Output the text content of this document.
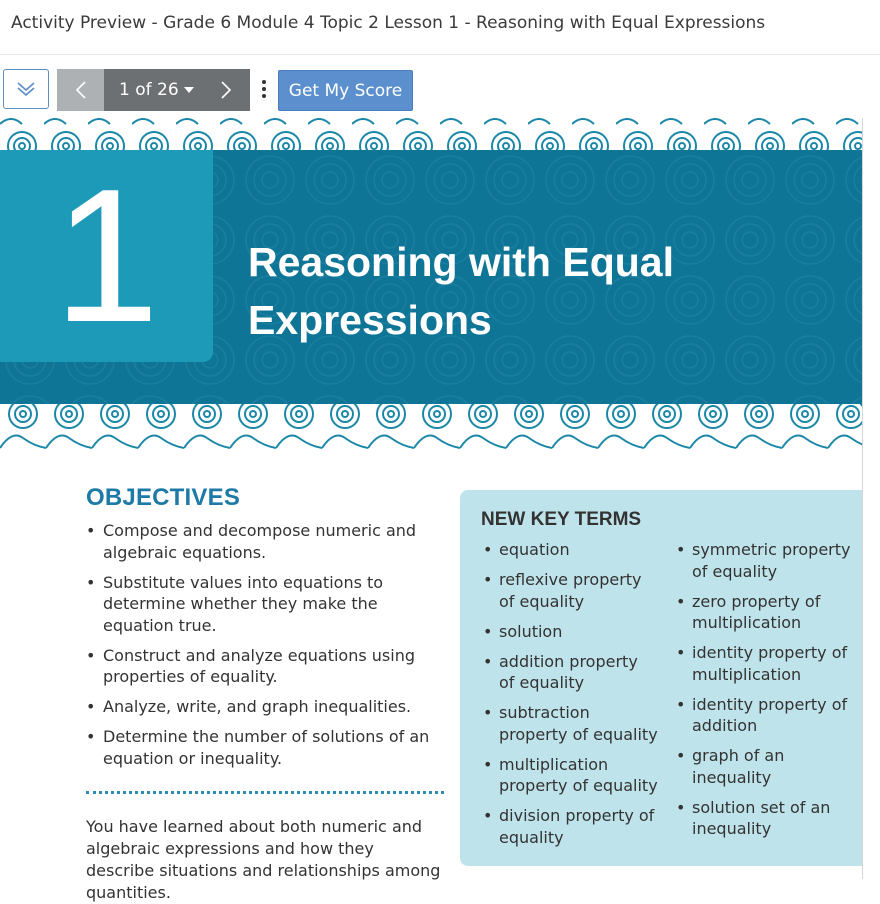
Activity Preview - Grade 6 Module 4 Topic 2 Lesson 1 - Reasoning with Equal Expressions
1 of 26	Get My Score
1	Reasoning with Equal
Expressions
OBJECTIVES
• Compose and decompose numeric and algebraic equations.
• Substitute values into equations to determine whether they make the equation true.
• Construct and analyze equations using properties of equality.
• Analyze, write, and graph inequalities.
• Determine the number of solutions of an equation or inequality.
You have learned about both numeric and algebraic expressions and how they describe situations and relationships among quantities.
NEW KEY TERMS
• equation
• reflexive property of equality
• solution
• addition property of equality
• subtraction property of equality
• multiplication property of equality
• division property of equality
• symmetric property of equality
• zero property of multiplication
• identity property of multiplication
• identity property of addition
• graph of an inequality
• solution set of an inequality
